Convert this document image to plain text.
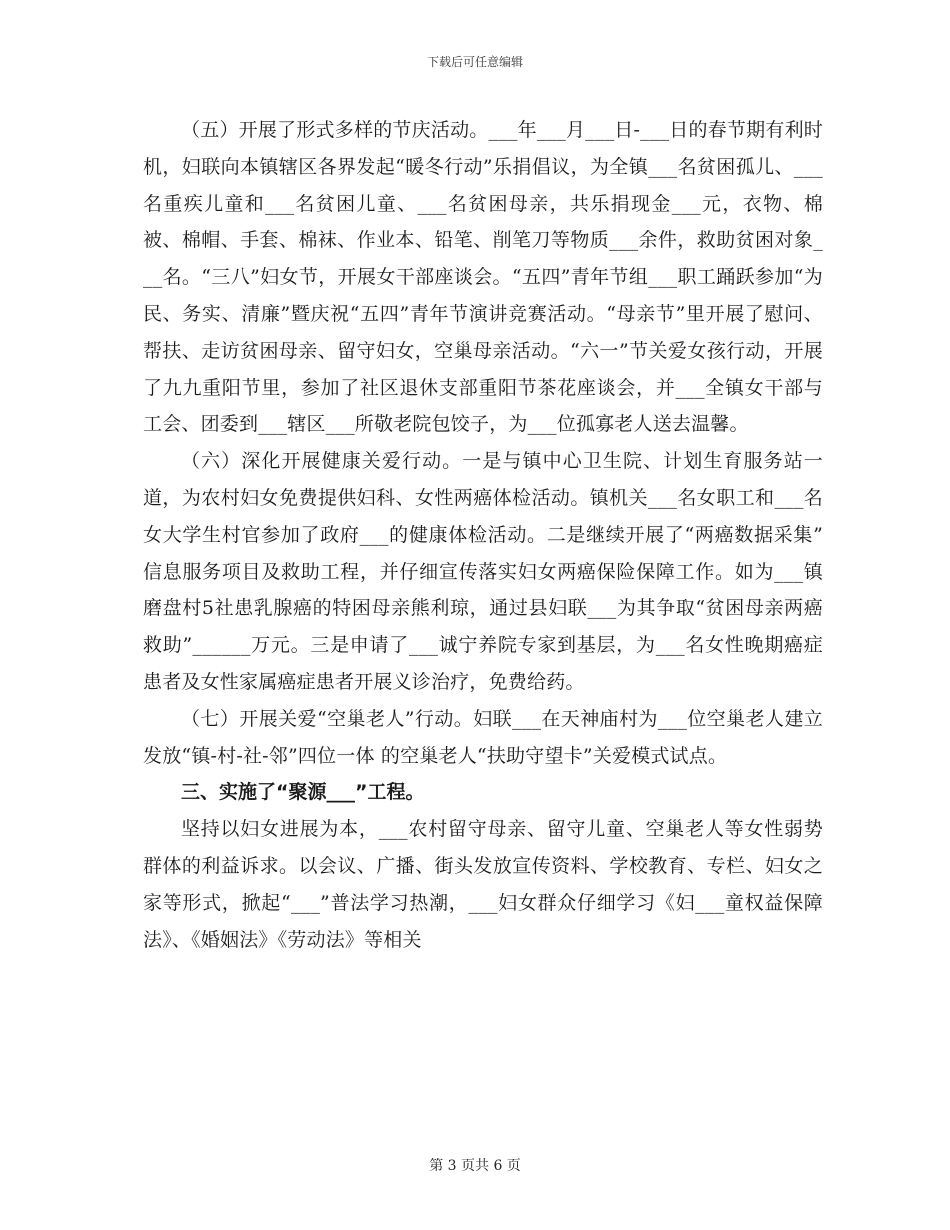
下载后可任意编辑

（五）开展了形式多样的节庆活动。___年___月___日-___日的春节期有利时机，妇联向本镇辖区各界发起“暖冬行动”乐捐倡议，为全镇___名贫困孤儿、___名重疾儿童和___名贫困儿童、___名贫困母亲，共乐捐现金___元，衣物、棉被、棉帽、手套、棉袜、作业本、铅笔、削笔刀等物质___余件，救助贫困对象___名。“三八”妇女节，开展女干部座谈会。“五四”青年节组___职工踊跃参加“为民、务实、清廉”暨庆祝“五四”青年节演讲竞赛活动。“母亲节”里开展了慰问、帮扶、走访贫困母亲、留守妇女，空巢母亲活动。“六一”节关爱女孩行动，开展了九九重阳节里，参加了社区退休支部重阳节茶花座谈会，并___全镇女干部与工会、团委到___辖区___所敬老院包饺子，为___位孤寡老人送去温馨。

（六）深化开展健康关爱行动。一是与镇中心卫生院、计划生育服务站一道，为农村妇女免费提供妇科、女性两癌体检活动。镇机关___名女职工和___名女大学生村官参加了政府___的健康体检活动。二是继续开展了“两癌数据采集” 信息服务项目及救助工程，并仔细宣传落实妇女两癌保险保障工作。如为___镇磨盘村5社患乳腺癌的特困母亲熊利琼，通过县妇联___为其争取“贫困母亲两癌救助”______万元。三是申请了___诚宁养院专家到基层，为___名女性晚期癌症患者及女性家属癌症患者开展义诊治疗，免费给药。

（七）开展关爱“空巢老人”行动。妇联___在天神庙村为___位空巢老人建立发放“镇-村-社-邻”四位一体 的空巢老人“扶助守望卡”关爱模式试点。

三、实施了“聚源___”工程。

坚持以妇女进展为本，___农村留守母亲、留守儿童、空巢老人等女性弱势群体的利益诉求。以会议、广播、街头发放宣传资料、学校教育、专栏、妇女之家等形式，掀起“___”普法学习热潮，___妇女群众仔细学习《妇___童权益保障法》、《婚姻法》《劳动法》等相关

第 3 页共 6 页
